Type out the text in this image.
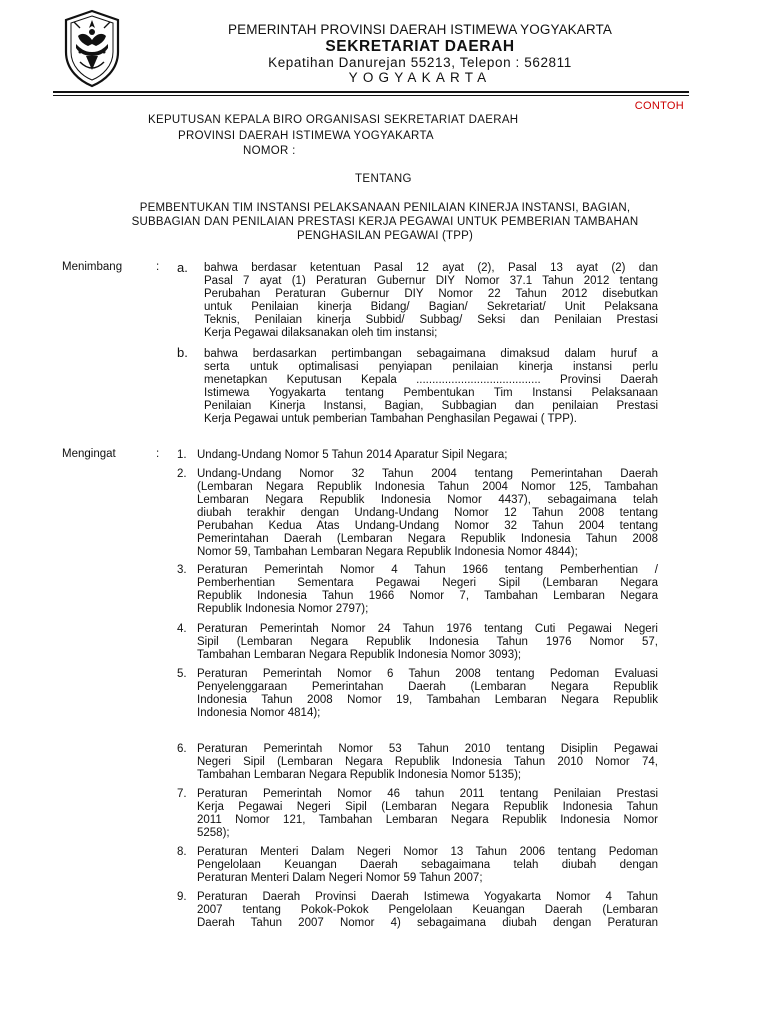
PEMERINTAH PROVINSI DAERAH ISTIMEWA YOGYAKARTA
SEKRETARIAT DAERAH
Kepatihan Danurejan 55213, Telepon : 562811
YOGYAKARTA
CONTOH
KEPUTUSAN KEPALA BIRO ORGANISASI SEKRETARIAT DAERAH
PROVINSI DAERAH ISTIMEWA YOGYAKARTA
NOMOR :
TENTANG
PEMBENTUKAN TIM INSTANSI PELAKSANAAN PENILAIAN KINERJA INSTANSI, BAGIAN,
SUBBAGIAN DAN PENILAIAN PRESTASI KERJA PEGAWAI UNTUK PEMBERIAN TAMBAHAN
PENGHASILAN PEGAWAI (TPP)
Menimbang	: a. bahwa berdasar ketentuan Pasal 12 ayat (2), Pasal 13 ayat (2) dan
Pasal 7 ayat (1) Peraturan Gubernur DIY Nomor 37.1 Tahun 2012 tentang
Perubahan Peraturan Gubernur DIY Nomor 22 Tahun 2012 disebutkan
untuk Penilaian kinerja Bidang/ Bagian/ Sekretariat/ Unit Pelaksana
Teknis, Penilaian kinerja Subbid/ Subbag/ Seksi dan Penilaian Prestasi
Kerja Pegawai dilaksanakan oleh tim instansi;
b. bahwa berdasarkan pertimbangan sebagaimana dimaksud dalam huruf a
serta untuk optimalisasi penyiapan penilaian kinerja instansi perlu
menetapkan Keputusan Kepala ....................................... Provinsi Daerah
Istimewa Yogyakarta tentang Pembentukan Tim Instansi Pelaksanaan
Penilaian Kinerja Instansi, Bagian, Subbagian dan penilaian Prestasi
Kerja Pegawai untuk pemberian Tambahan Penghasilan Pegawai ( TPP).
Mengingat	: 1. Undang-Undang Nomor 5 Tahun 2014 Aparatur Sipil Negara;
2. Undang-Undang Nomor 32 Tahun 2004 tentang Pemerintahan Daerah
(Lembaran Negara Republik Indonesia Tahun 2004 Nomor 125, Tambahan
Lembaran Negara Republik Indonesia Nomor 4437), sebagaimana telah
diubah terakhir dengan Undang-Undang Nomor 12 Tahun 2008 tentang
Perubahan Kedua Atas Undang-Undang Nomor 32 Tahun 2004 tentang
Pemerintahan Daerah (Lembaran Negara Republik Indonesia Tahun 2008
Nomor 59, Tambahan Lembaran Negara Republik Indonesia Nomor 4844);
3. Peraturan Pemerintah Nomor 4 Tahun 1966 tentang Pemberhentian /
Pemberhentian Sementara Pegawai Negeri Sipil (Lembaran Negara
Republik Indonesia Tahun 1966 Nomor 7, Tambahan Lembaran Negara
Republik Indonesia Nomor 2797);
4. Peraturan Pemerintah Nomor 24 Tahun 1976 tentang Cuti Pegawai Negeri
Sipil (Lembaran Negara Republik Indonesia Tahun 1976 Nomor 57,
Tambahan Lembaran Negara Republik Indonesia Nomor 3093);
5. Peraturan Pemerintah Nomor 6 Tahun 2008 tentang Pedoman Evaluasi
Penyelenggaraan Pemerintahan Daerah (Lembaran Negara Republik
Indonesia Tahun 2008 Nomor 19, Tambahan Lembaran Negara Republik
Indonesia Nomor 4814);
6. Peraturan Pemerintah Nomor 53 Tahun 2010 tentang Disiplin Pegawai
Negeri Sipil (Lembaran Negara Republik Indonesia Tahun 2010 Nomor 74,
Tambahan Lembaran Negara Republik Indonesia Nomor 5135);
7. Peraturan Pemerintah Nomor 46 tahun 2011 tentang Penilaian Prestasi
Kerja Pegawai Negeri Sipil (Lembaran Negara Republik Indonesia Tahun
2011 Nomor 121, Tambahan Lembaran Negara Republik Indonesia Nomor
5258);
8. Peraturan Menteri Dalam Negeri Nomor 13 Tahun 2006 tentang Pedoman
Pengelolaan Keuangan Daerah sebagaimana telah diubah dengan
Peraturan Menteri Dalam Negeri Nomor 59 Tahun 2007;
9. Peraturan Daerah Provinsi Daerah Istimewa Yogyakarta Nomor 4 Tahun
2007 tentang Pokok-Pokok Pengelolaan Keuangan Daerah (Lembaran
Daerah Tahun 2007 Nomor 4) sebagaimana diubah dengan Peraturan
